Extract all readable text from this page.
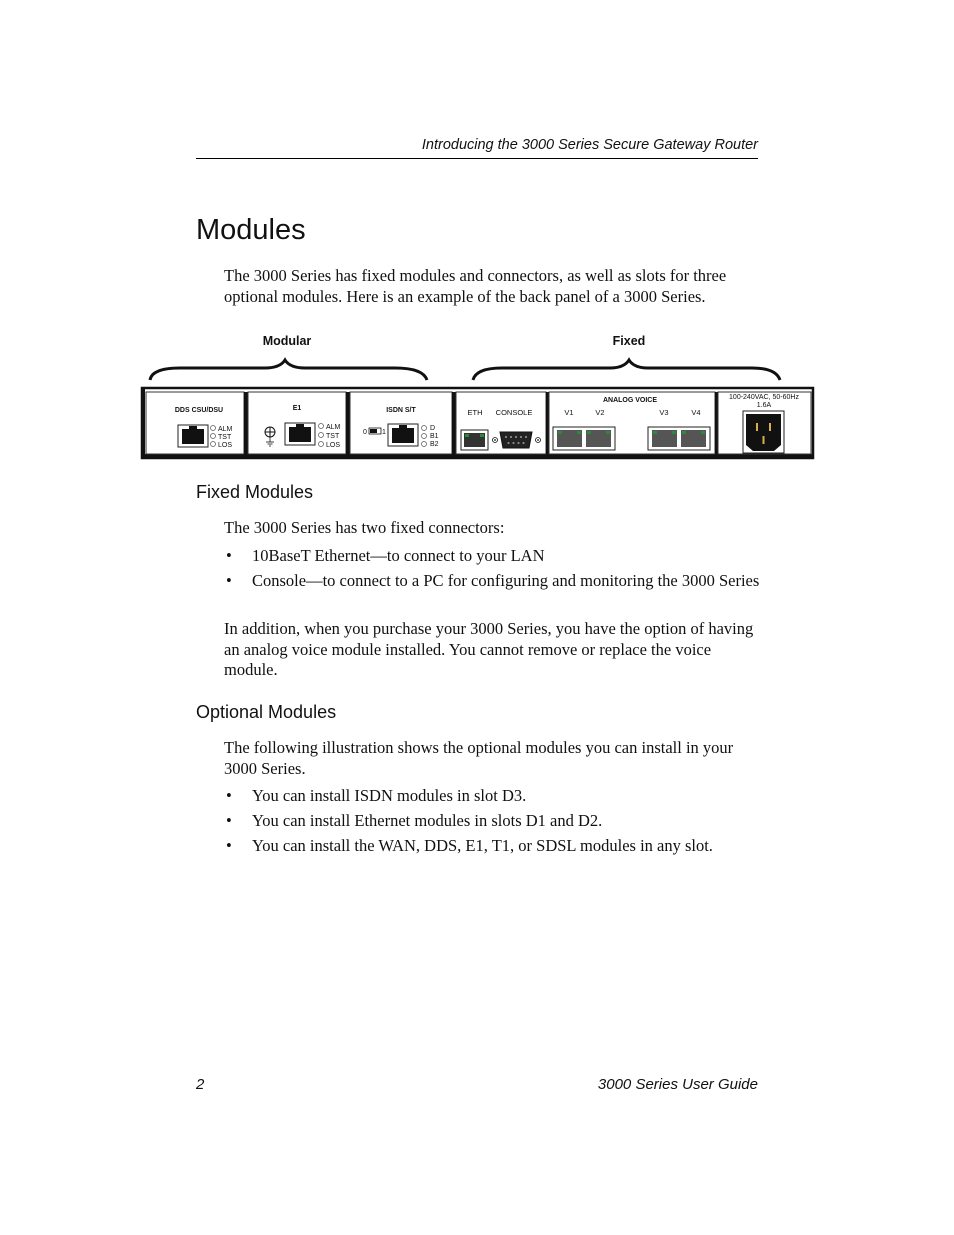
Introducing the 3000 Series Secure Gateway Router
Modules
The 3000 Series has fixed modules and connectors, as well as slots for three optional modules. Here is an example of the back panel of a 3000 Series.
Modular	Fixed
DDS CSU/DSU
ALM
TST
LOS
E1
ALM
TST
LOS
ISDN S/T
0 1
D
B1
B2
ETH CONSOLE
ANALOG VOICE
V1	V2	V3	V4
100-240VAC, 50-60Hz
1.6A
Fixed Modules
The 3000 Series has two fixed connectors:
• 10BaseT Ethernet—to connect to your LAN
• Console—to connect to a PC for configuring and monitoring the 3000 Series
In addition, when you purchase your 3000 Series, you have the option of having an analog voice module installed. You cannot remove or replace the voice module.
Optional Modules
The following illustration shows the optional modules you can install in your 3000 Series.
• You can install ISDN modules in slot D3.
• You can install Ethernet modules in slots D1 and D2.
• You can install the WAN, DDS, E1, T1, or SDSL modules in any slot.
2	3000 Series User Guide
